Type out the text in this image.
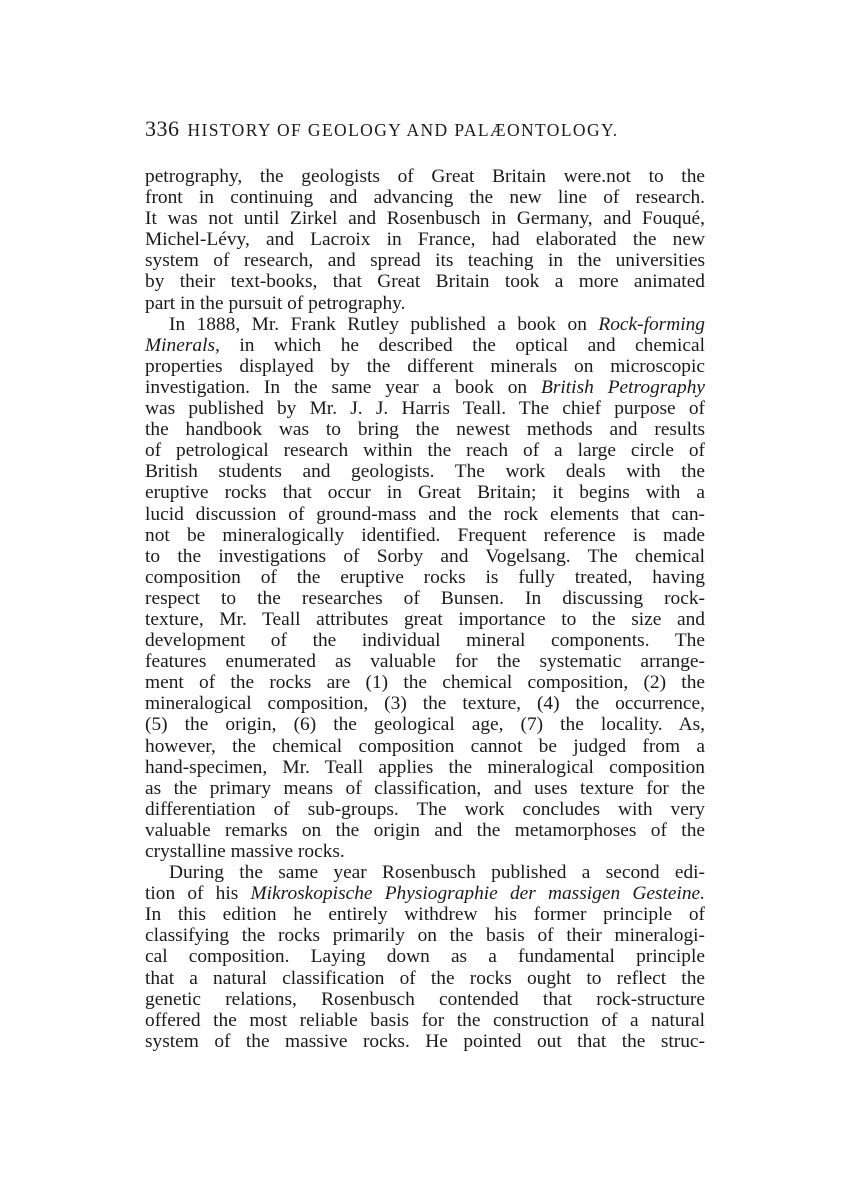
336 HISTORY OF GEOLOGY AND PALÆONTOLOGY.
petrography, the geologists of Great Britain were.not to the
front in continuing and advancing the new line of research.
It was not until Zirkel and Rosenbusch in Germany, and Fouqué,
Michel-Lévy, and Lacroix in France, had elaborated the new
system of research, and spread its teaching in the universities
by their text-books, that Great Britain took a more animated
part in the pursuit of petrography.
In 1888, Mr. Frank Rutley published a book on Rock-forming
Minerals, in which he described the optical and chemical
properties displayed by the different minerals on microscopic
investigation. In the same year a book on British Petrography
was published by Mr. J. J. Harris Teall. The chief purpose of
the handbook was to bring the newest methods and results
of petrological research within the reach of a large circle of
British students and geologists. The work deals with the
eruptive rocks that occur in Great Britain; it begins with a
lucid discussion of ground-mass and the rock elements that can-
not be mineralogically identified. Frequent reference is made
to the investigations of Sorby and Vogelsang. The chemical
composition of the eruptive rocks is fully treated, having
respect to the researches of Bunsen. In discussing rock-
texture, Mr. Teall attributes great importance to the size and
development of the individual mineral components. The
features enumerated as valuable for the systematic arrange-
ment of the rocks are (1) the chemical composition, (2) the
mineralogical composition, (3) the texture, (4) the occurrence,
(5) the origin, (6) the geological age, (7) the locality. As,
however, the chemical composition cannot be judged from a
hand-specimen, Mr. Teall applies the mineralogical composition
as the primary means of classification, and uses texture for the
differentiation of sub-groups. The work concludes with very
valuable remarks on the origin and the metamorphoses of the
crystalline massive rocks.
During the same year Rosenbusch published a second edi-
tion of his Mikroskopische Physiographie der massigen Gesteine.
In this edition he entirely withdrew his former principle of
classifying the rocks primarily on the basis of their mineralogi-
cal composition. Laying down as a fundamental principle
that a natural classification of the rocks ought to reflect the
genetic relations, Rosenbusch contended that rock-structure
offered the most reliable basis for the construction of a natural
system of the massive rocks. He pointed out that the struc-
